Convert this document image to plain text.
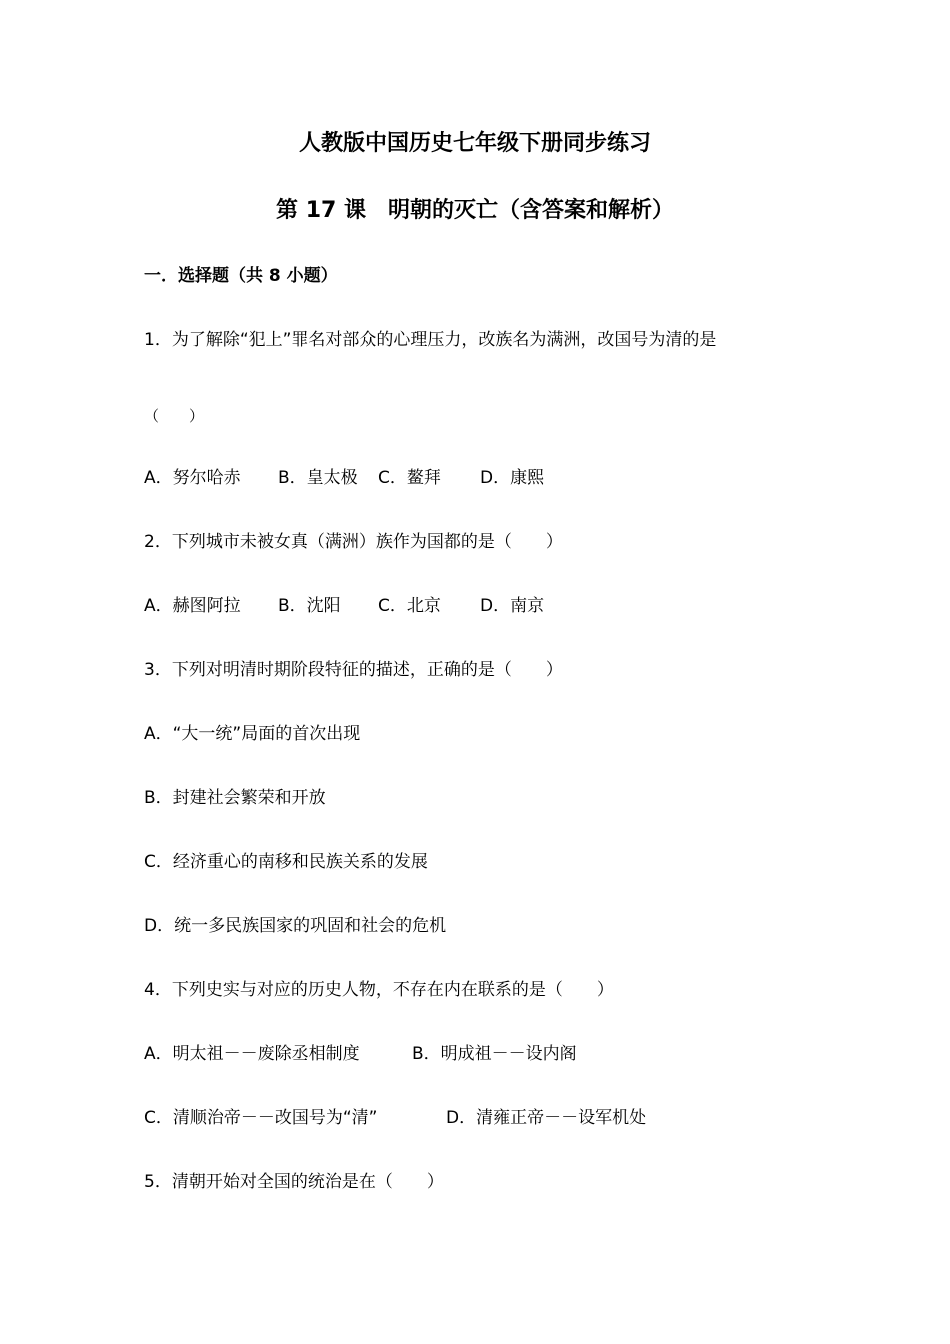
人教版中国历史七年级下册同步练习
第 17 课　明朝的灭亡（含答案和解析）
一．选择题（共 8 小题）
1．为了解除“犯上”罪名对部众的心理压力，改族名为满洲，改国号为清的是
（　　）
A．努尔哈赤 B．皇太极 C．鳌拜 D．康熙
2．下列城市未被女真（满洲）族作为国都的是（　　）
A．赫图阿拉 B．沈阳 C．北京 D．南京
3．下列对明清时期阶段特征的描述，正确的是（　　）
A．“大一统”局面的首次出现
B．封建社会繁荣和开放
C．经济重心的南移和民族关系的发展
D．统一多民族国家的巩固和社会的危机
4．下列史实与对应的历史人物，不存在内在联系的是（　　）
A．明太祖－－废除丞相制度	B．明成祖－－设内阁
C．清顺治帝－－改国号为“清”	D．清雍正帝－－设军机处
5．清朝开始对全国的统治是在（　　）
